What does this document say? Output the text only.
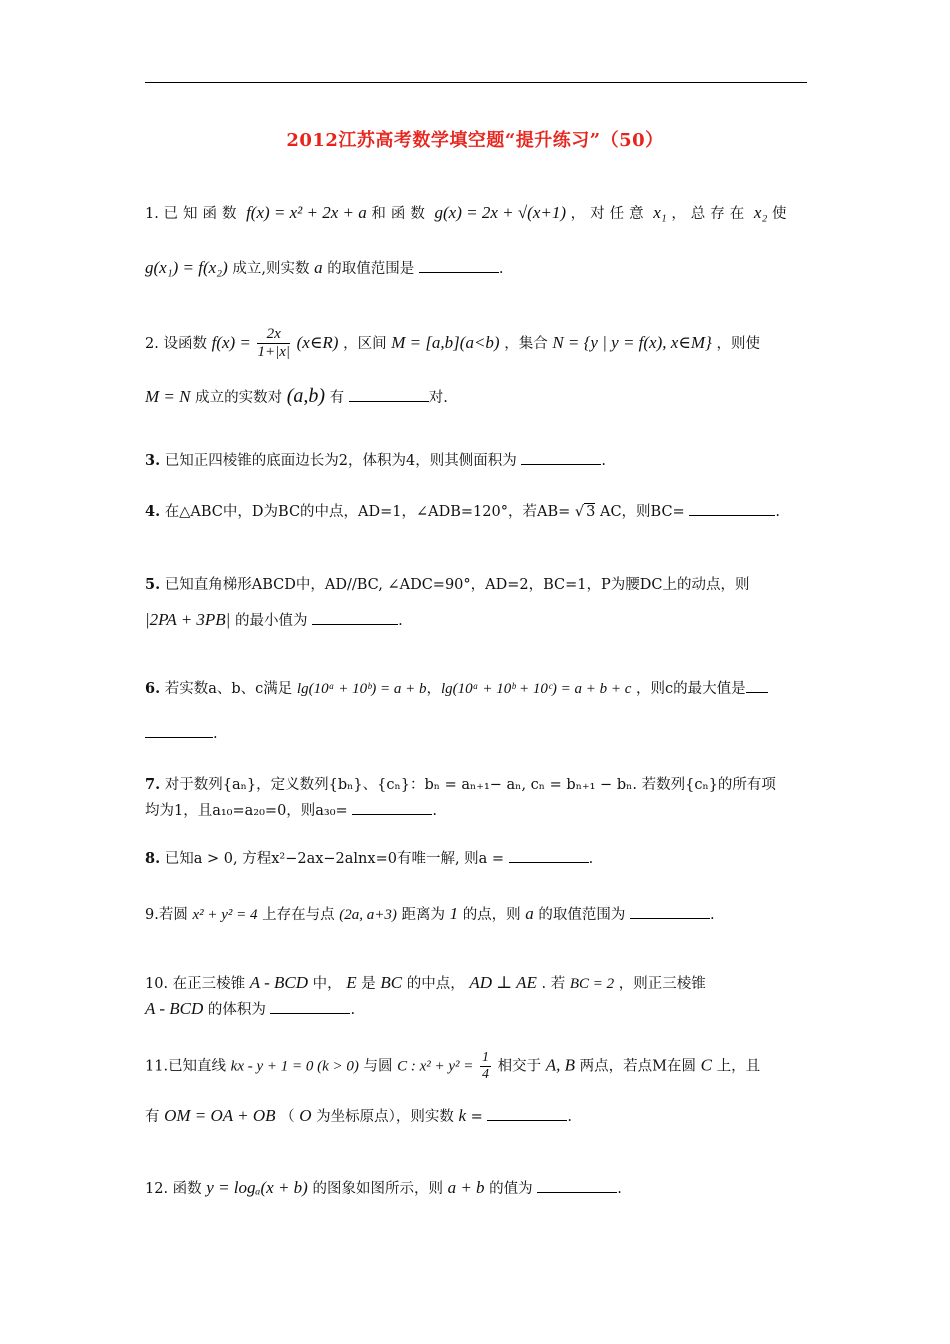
2012江苏高考数学填空题“提升练习”（50）
1. 已知函数 f(x) = x² + 2x + a 和函数 g(x) = 2x + √(x+1) ，对任意 x₁ ，总存在 x₂ 使
g(x₁) = f(x₂) 成立,则实数 a 的取值范围是	.
2. 设函数 $f(x) = \frac{2x}{1+|x|}$ (x∈R) ，区间 M = [a,b](a<b) ，集合 N = {y | y = f(x), x∈M} ，则使
M = N 成立的实数对 (a,b) 有	对.
3. 已知正四棱锥的底面边长为2，体积为4，则其侧面积为	.
4. 在△ABC中，D为BC的中点，AD=1，∠ADB=120°，若AB= √ 3 AC，则BC=	.
5. 已知直角梯形ABCD中，AD//BC, ∠ADC=90°，AD=2，BC=1，P为腰DC上的动点，则
|2PA + 3PB| 的最小值为	.
6. 若实数a、b、c满足 lg(10ᵃ + 10ᵇ) = a + b，lg(10ᵃ + 10ᵇ + 10ᶜ) = a + b + c ，则c的最大值是
.
7. 对于数列{aₙ}，定义数列{bₙ}、{cₙ}：bₙ = aₙ₊₁− aₙ, cₙ = bₙ₊₁ − bₙ. 若数列{cₙ}的所有项
均为1，且a₁₀=a₂₀=0，则a₃₀=	.
8. 已知a > 0, 方程x²−2ax−2alnx=0有唯一解, 则a =	.
9.若圆 x² + y² = 4 上存在与点 (2a, a+3) 距离为 1 的点，则 a 的取值范围为	.
10. 在正三棱锥 A - BCD 中， E 是 BC 的中点， AD ⊥ AE . 若 BC = 2 ，则正三棱锥
A - BCD 的体积为	.
11.已知直线 kx - y + 1 = 0 (k > 0) 与圆 C : $x^2 + y^2 = \frac{1}{4}$ 相交于 A, B 两点，若点M在圆 C 上，且
有 OM = OA + OB （ O 为坐标原点），则实数 k =	.
12. 函数 y = logₐ(x + b) 的图象如图所示，则 a + b 的值为	.
